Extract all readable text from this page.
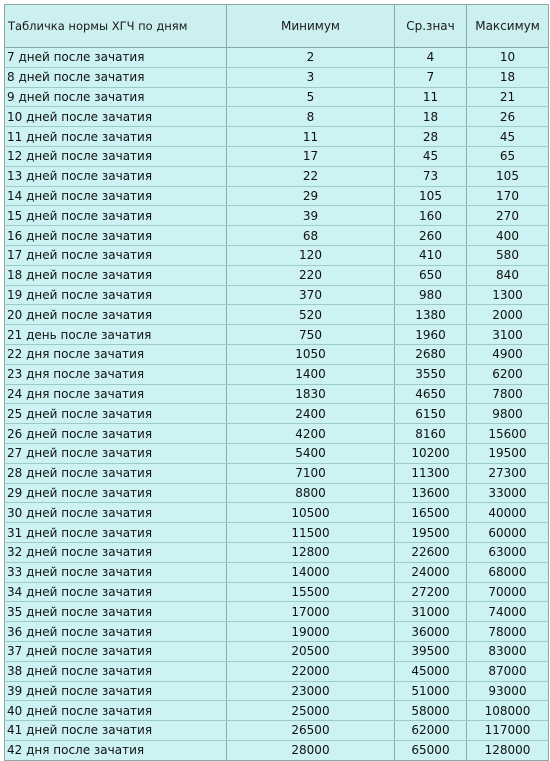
Табличка нормы ХГЧ по дням	Минимум	Ср.знач	Максимум
7 дней после зачатия	2	4	10
8 дней после зачатия	3	7	18
9 дней после зачатия	5	11	21
10 дней после зачатия	8	18	26
11 дней после зачатия	11	28	45
12 дней после зачатия	17	45	65
13 дней после зачатия	22	73	105
14 дней после зачатия	29	105	170
15 дней после зачатия	39	160	270
16 дней после зачатия	68	260	400
17 дней после зачатия	120	410	580
18 дней после зачатия	220	650	840
19 дней после зачатия	370	980	1300
20 дней после зачатия	520	1380	2000
21 день после зачатия	750	1960	3100
22 дня после зачатия	1050	2680	4900
23 дня после зачатия	1400	3550	6200
24 дня после зачатия	1830	4650	7800
25 дней после зачатия	2400	6150	9800
26 дней после зачатия	4200	8160	15600
27 дней после зачатия	5400	10200	19500
28 дней после зачатия	7100	11300	27300
29 дней после зачатия	8800	13600	33000
30 дней после зачатия	10500	16500	40000
31 дней после зачатия	11500	19500	60000
32 дней после зачатия	12800	22600	63000
33 дней после зачатия	14000	24000	68000
34 дней после зачатия	15500	27200	70000
35 дней после зачатия	17000	31000	74000
36 дней после зачатия	19000	36000	78000
37 дней после зачатия	20500	39500	83000
38 дней после зачатия	22000	45000	87000
39 дней после зачатия	23000	51000	93000
40 дней после зачатия	25000	58000	108000
41 дней после зачатия	26500	62000	117000
42 дня после зачатия	28000	65000	128000
